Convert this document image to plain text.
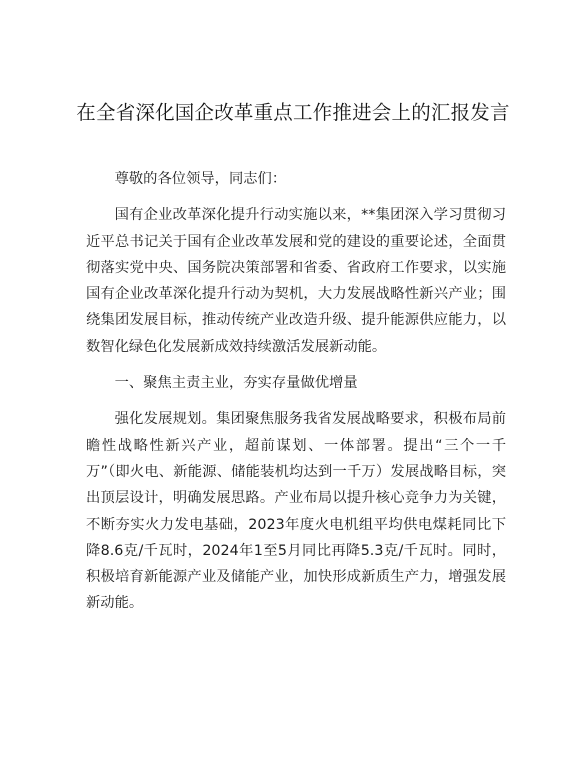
在全省深化国企改革重点工作推进会上的汇报发言

尊敬的各位领导，同志们：

国有企业改革深化提升行动实施以来，**集团深入学习贯彻习近平总书记关于国有企业改革发展和党的建设的重要论述，全面贯彻落实党中央、国务院决策部署和省委、省政府工作要求，以实施国有企业改革深化提升行动为契机，大力发展战略性新兴产业；围绕集团发展目标，推动传统产业改造升级、提升能源供应能力，以数智化绿色化发展新成效持续激活发展新动能。

一、聚焦主责主业，夯实存量做优增量

强化发展规划。集团聚焦服务我省发展战略要求，积极布局前瞻性战略性新兴产业，超前谋划、一体部署。提出“三个一千万”（即火电、新能源、储能装机均达到一千万）发展战略目标，突出顶层设计，明确发展思路。产业布局以提升核心竞争力为关键，不断夯实火力发电基础，2023年度火电机组平均供电煤耗同比下降8.6克/千瓦时，2024年1至5月同比再降5.3克/千瓦时。同时，积极培育新能源产业及储能产业，加快形成新质生产力，增强发展新动能。
